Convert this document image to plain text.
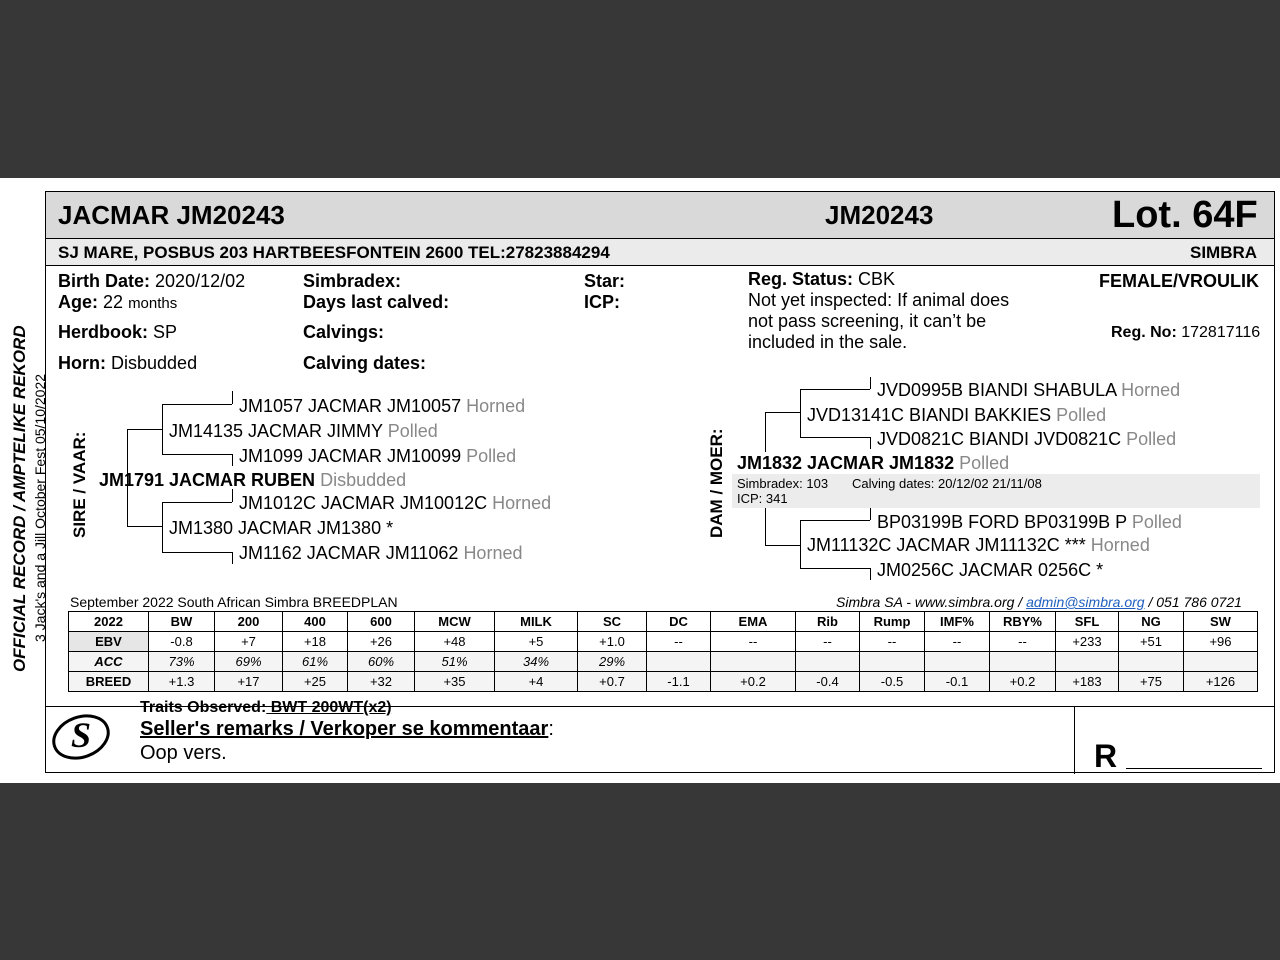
JACMAR JM20243	JM20243	Lot. 64F
SJ MARE, POSBUS 203 HARTBEESFONTEIN 2600 TEL:27823884294	SIMBRA
OFFICIAL RECORD / AMPTELIKE REKORD 3 Jack's and a Jill October Fest 05/10/2022
Birth Date: 2020/12/02
Age: 22 months
Herdbook: SP
Horn: Disbudded
Simbradex:
Days last calved:
Calvings:
Calving dates:
Star:
ICP:
Reg. Status: CBK
Not yet inspected: If animal does
not pass screening, it can’t be
included in the sale.
FEMALE/VROULIK
Reg. No: 172817116
SIRE / VAAR:
JM1057 JACMAR JM10057 Horned
JM14135 JACMAR JIMMY Polled
JM1099 JACMAR JM10099 Polled
JM1791 JACMAR RUBEN Disbudded
JM1012C JACMAR JM10012C Horned
JM1380 JACMAR JM1380 *
JM1162 JACMAR JM11062 Horned
DAM / MOER:
JVD0995B BIANDI SHABULA Horned
JVD13141C BIANDI BAKKIES Polled
JVD0821C BIANDI JVD0821C Polled
JM1832 JACMAR JM1832 Polled
Simbradex: 103 Calving dates: 20/12/02 21/11/08
ICP: 341
BP03199B FORD BP03199B P Polled
JM11132C JACMAR JM11132C *** Horned
JM0256C JACMAR 0256C *
September 2022 South African Simbra BREEDPLAN	Simbra SA - www.simbra.org / admin@simbra.org / 051 786 0721
2022	BW	200	400	600	MCW	MILK	SC	DC	EMA	Rib	Rump	IMF%	RBY%	SFL	NG	SW
EBV	-0.8	+7	+18	+26	+48	+5	+1.0	--	--	--	--	--	--	+233	+51	+96
ACC	73%	69%	61%	60%	51%	34%	29%									
BREED	+1.3	+17	+25	+32	+35	+4	+0.7	-1.1	+0.2	-0.4	-0.5	-0.1	+0.2	+183	+75	+126
S
Traits Observed: BWT 200WT(x2)
Seller's remarks / Verkoper se kommentaar:
Oop vers.	R
